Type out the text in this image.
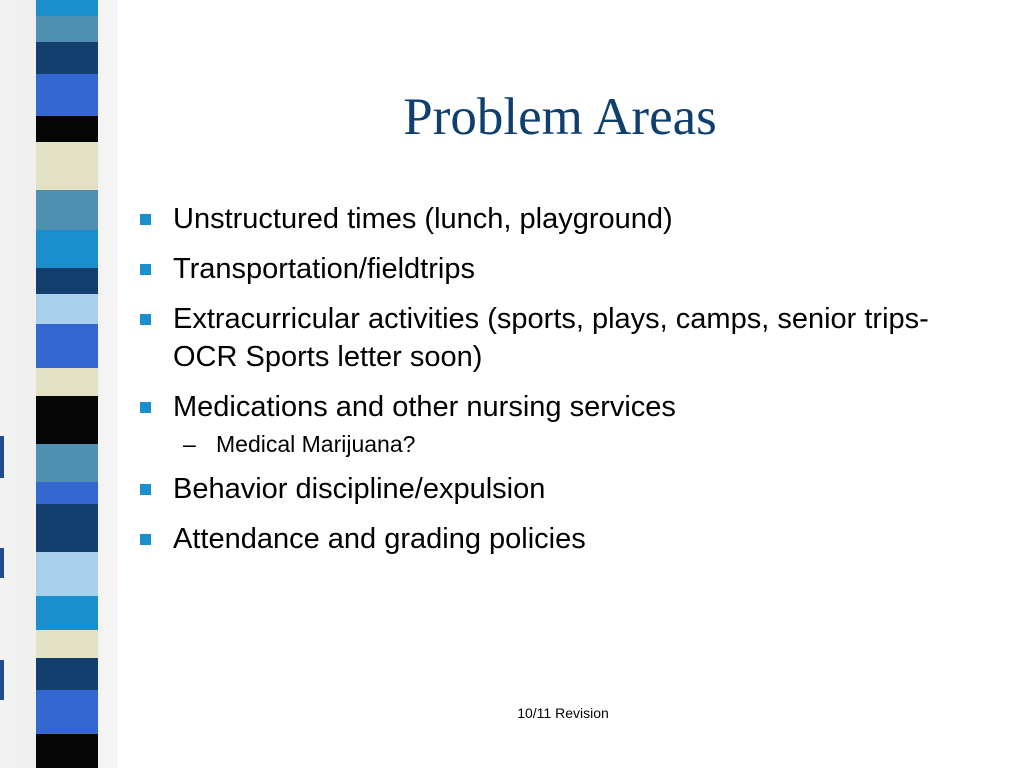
Problem Areas
Unstructured times (lunch, playground)
Transportation/fieldtrips
Extracurricular activities (sports, plays, camps, senior trips- OCR Sports letter soon)
Medications and other nursing services
– Medical Marijuana?
Behavior discipline/expulsion
Attendance and grading policies
10/11 Revision
